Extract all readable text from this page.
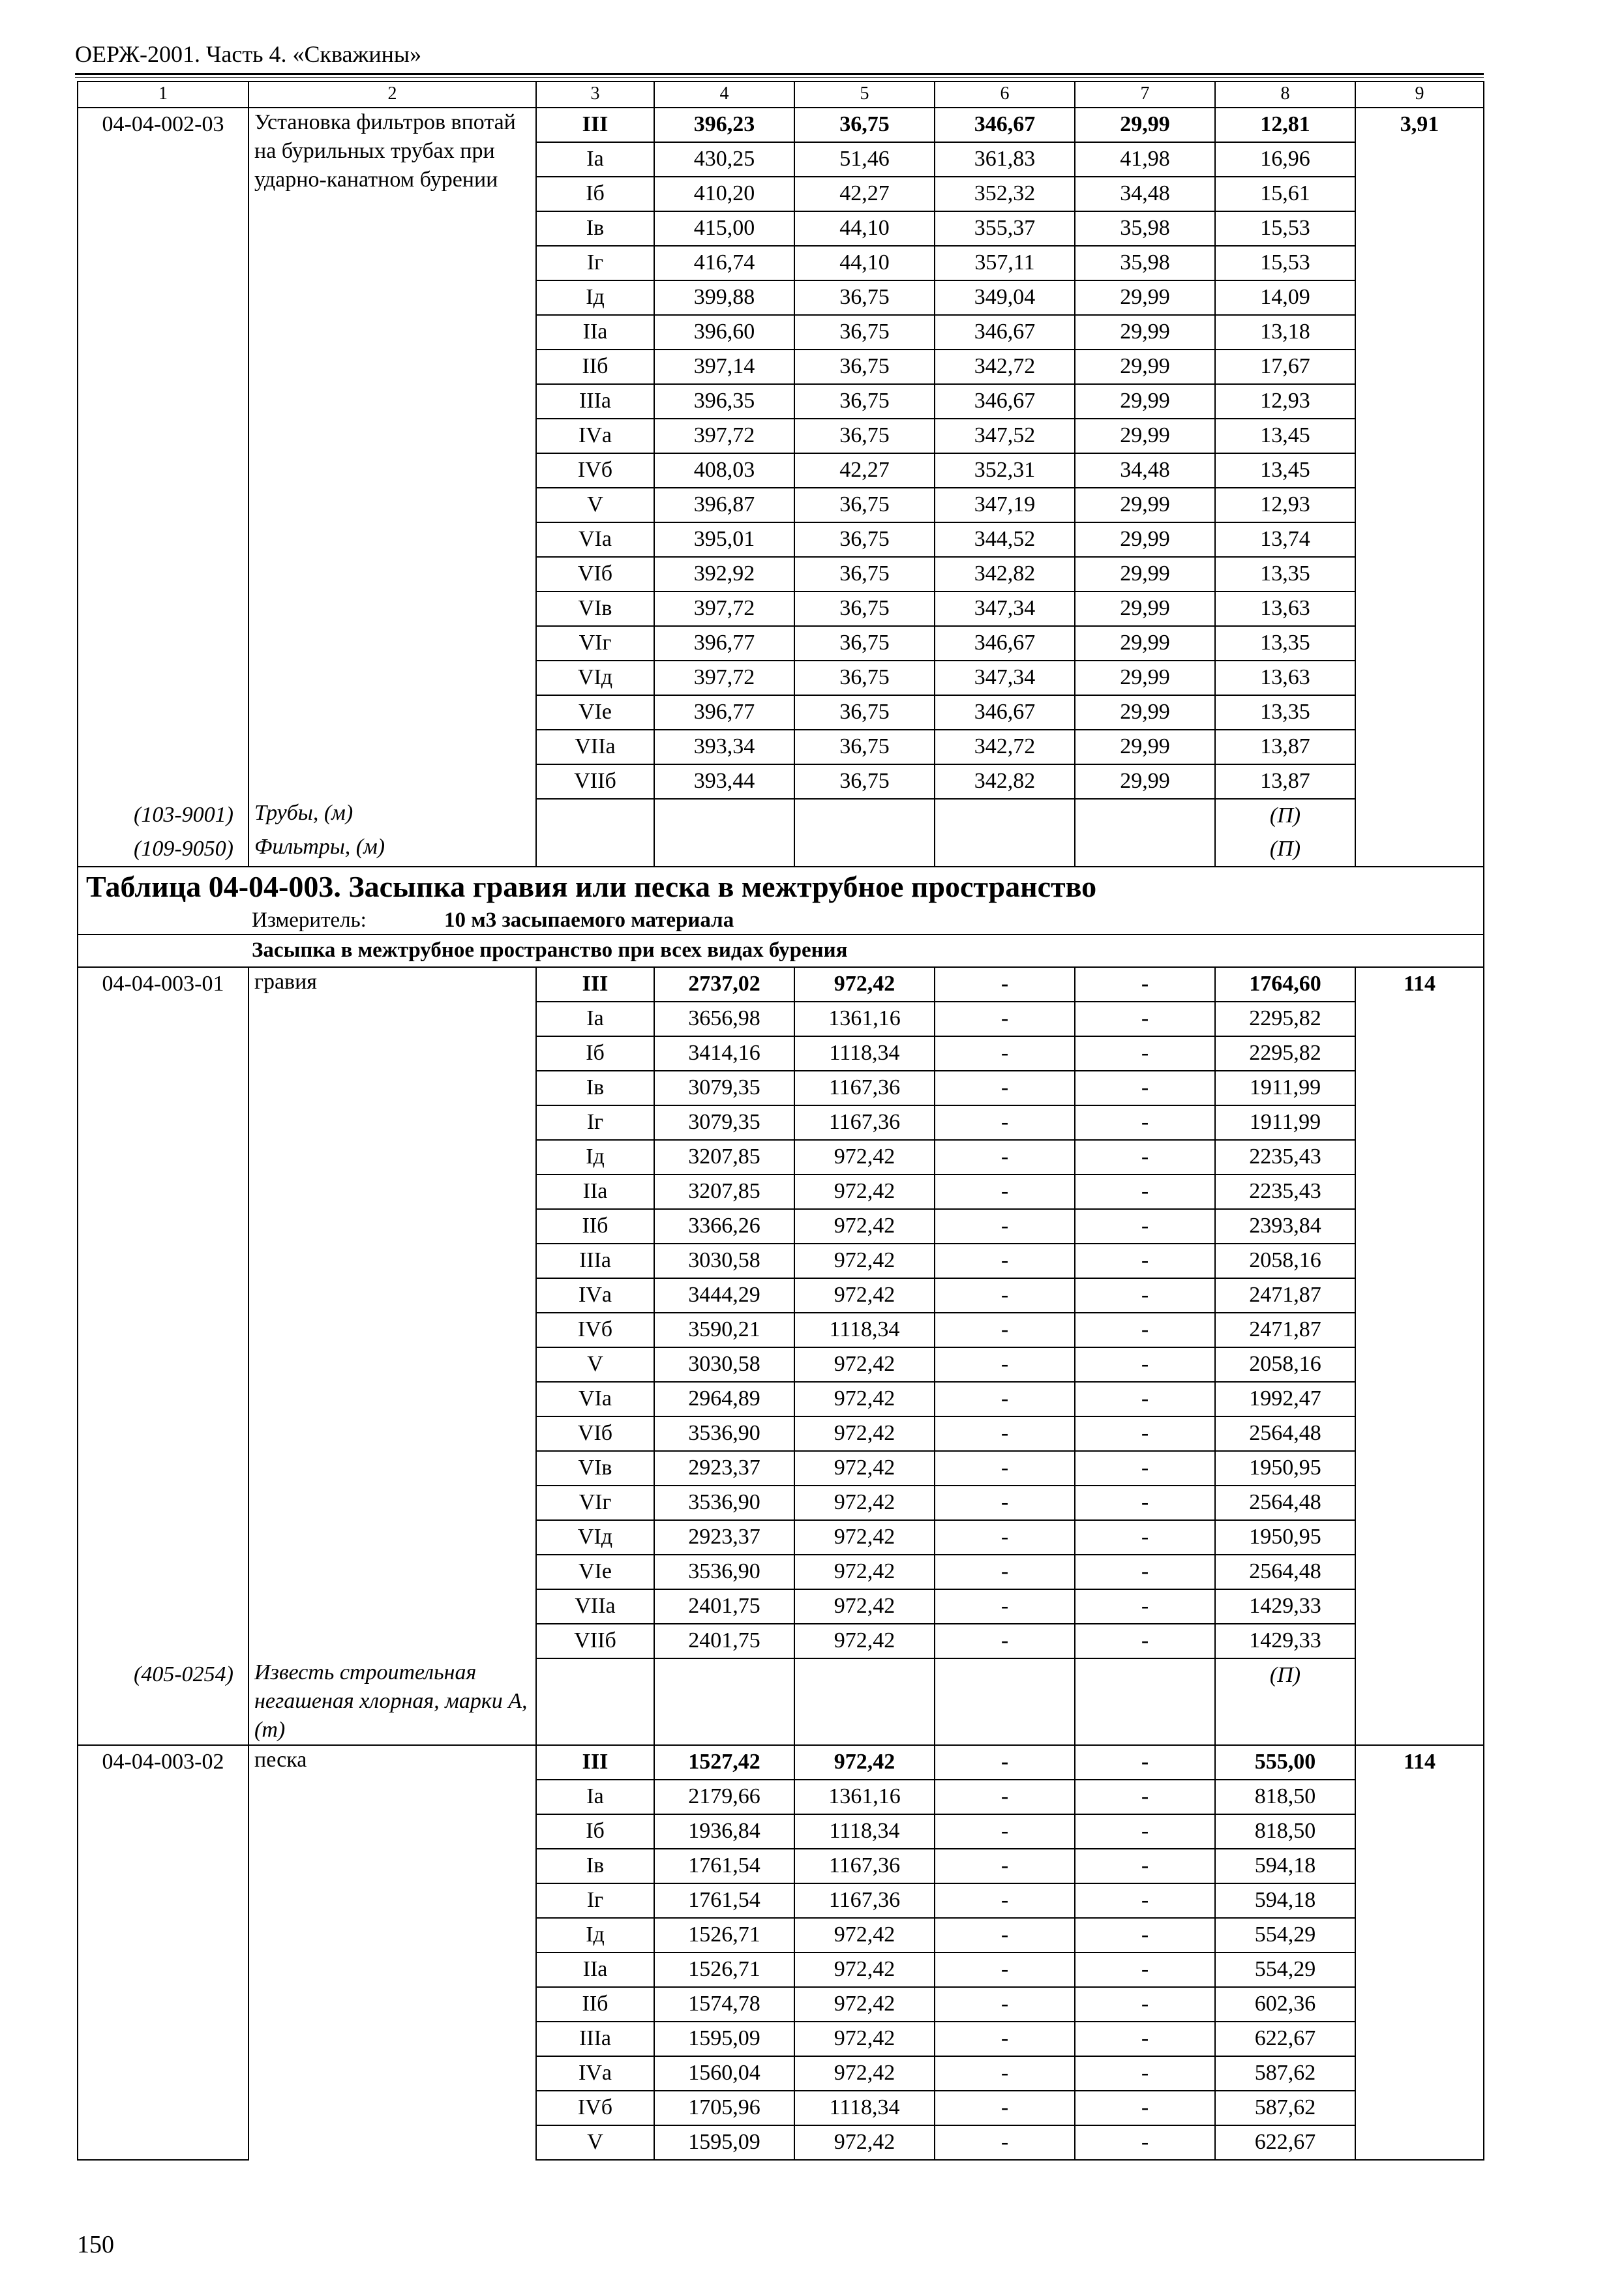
ОЕРЖ-2001. Часть 4. «Скважины»
1	2	3	4	5	6	7	8	9
04-04-002-03	Установка фильтров впотай на бурильных трубах при ударно-канатном бурении	III	396,23	36,75	346,67	29,99	12,81	3,91
		Iа	430,25	51,46	361,83	41,98	16,96	
		Iб	410,20	42,27	352,32	34,48	15,61	
		Iв	415,00	44,10	355,37	35,98	15,53	
		Iг	416,74	44,10	357,11	35,98	15,53	
		Iд	399,88	36,75	349,04	29,99	14,09	
		IIа	396,60	36,75	346,67	29,99	13,18	
		IIб	397,14	36,75	342,72	29,99	17,67	
		IIIа	396,35	36,75	346,67	29,99	12,93	
		IVа	397,72	36,75	347,52	29,99	13,45	
		IVб	408,03	42,27	352,31	34,48	13,45	
		V	396,87	36,75	347,19	29,99	12,93	
		VIа	395,01	36,75	344,52	29,99	13,74	
		VIб	392,92	36,75	342,82	29,99	13,35	
		VIв	397,72	36,75	347,34	29,99	13,63	
		VIг	396,77	36,75	346,67	29,99	13,35	
		VIд	397,72	36,75	347,34	29,99	13,63	
		VIе	396,77	36,75	346,67	29,99	13,35	
		VIIа	393,34	36,75	342,72	29,99	13,87	
		VIIб	393,44	36,75	342,82	29,99	13,87	
(103-9001)	Трубы, (м)						(П)	
(109-9050)	Фильтры, (м)						(П)	
Таблица 04-04-003. Засыпка гравия или песка в межтрубное пространство								
Измеритель: 10 м3 засыпаемого материала								
Засыпка в межтрубное пространство при всех видах бурения								
04-04-003-01	гравия	III	2737,02	972,42	-	-	1764,60	114
		Iа	3656,98	1361,16	-	-	2295,82	
		Iб	3414,16	1118,34	-	-	2295,82	
		Iв	3079,35	1167,36	-	-	1911,99	
		Iг	3079,35	1167,36	-	-	1911,99	
		Iд	3207,85	972,42	-	-	2235,43	
		IIа	3207,85	972,42	-	-	2235,43	
		IIб	3366,26	972,42	-	-	2393,84	
		IIIа	3030,58	972,42	-	-	2058,16	
		IVа	3444,29	972,42	-	-	2471,87	
		IVб	3590,21	1118,34	-	-	2471,87	
		V	3030,58	972,42	-	-	2058,16	
		VIа	2964,89	972,42	-	-	1992,47	
		VIб	3536,90	972,42	-	-	2564,48	
		VIв	2923,37	972,42	-	-	1950,95	
		VIг	3536,90	972,42	-	-	2564,48	
		VIд	2923,37	972,42	-	-	1950,95	
		VIе	3536,90	972,42	-	-	2564,48	
		VIIа	2401,75	972,42	-	-	1429,33	
		VIIб	2401,75	972,42	-	-	1429,33	
(405-0254)	Известь строительная негашеная хлорная, марки А, (т)						(П)	
04-04-003-02	песка	III	1527,42	972,42	-	-	555,00	114
		Iа	2179,66	1361,16	-	-	818,50	
		Iб	1936,84	1118,34	-	-	818,50	
		Iв	1761,54	1167,36	-	-	594,18	
		Iг	1761,54	1167,36	-	-	594,18	
		Iд	1526,71	972,42	-	-	554,29	
		IIа	1526,71	972,42	-	-	554,29	
		IIб	1574,78	972,42	-	-	602,36	
		IIIа	1595,09	972,42	-	-	622,67	
		IVа	1560,04	972,42	-	-	587,62	
		IVб	1705,96	1118,34	-	-	587,62	
		V	1595,09	972,42	-	-	622,67	
150
